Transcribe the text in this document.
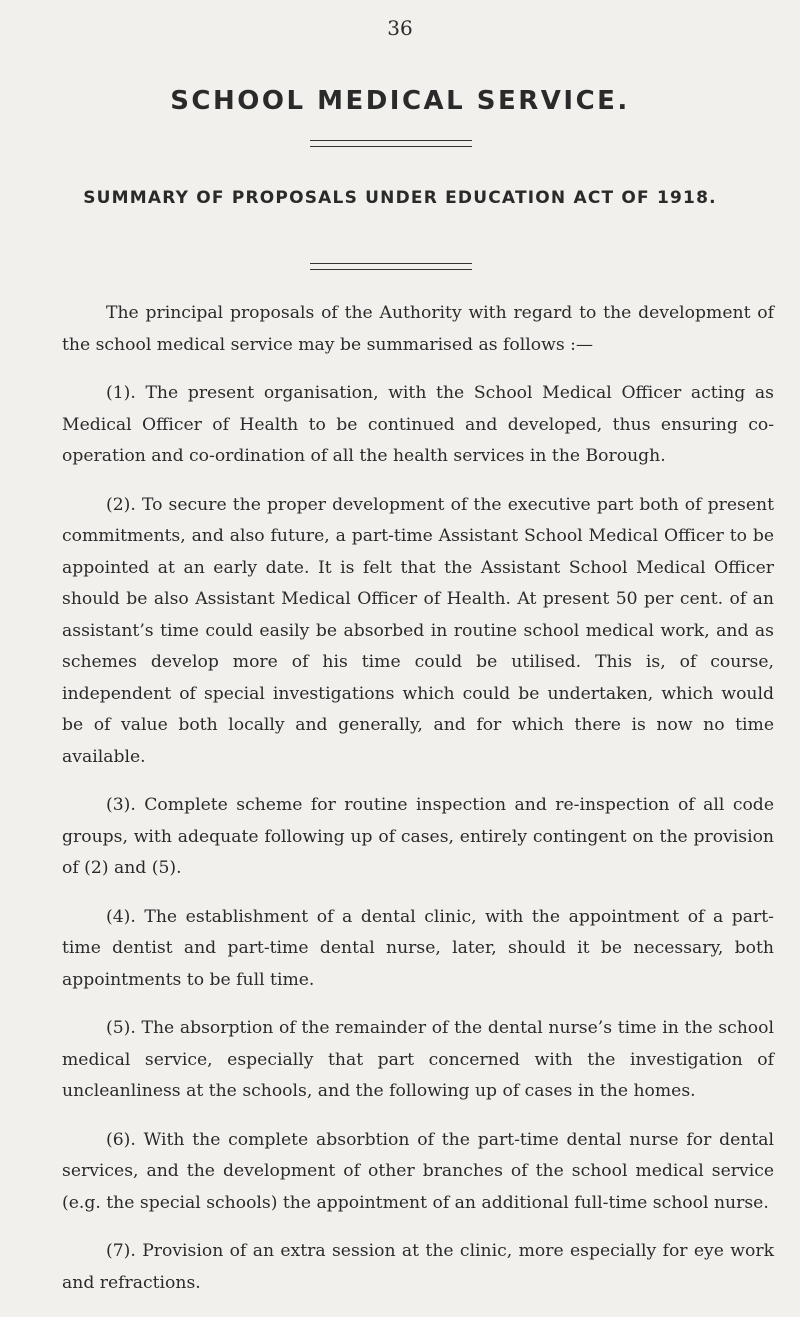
36
SCHOOL MEDICAL SERVICE.
SUMMARY OF PROPOSALS UNDER EDUCATION ACT OF 1918.

The principal proposals of the Authority with regard to the development of the school medical service may be summarised as follows :—

(1). The present organisation, with the School Medical Officer acting as Medical Officer of Health to be continued and developed, thus ensuring co-operation and co-ordination of all the health services in the Borough.

(2). To secure the proper development of the executive part both of present commitments, and also future, a part-time Assistant School Medical Officer to be appointed at an early date. It is felt that the Assistant School Medical Officer should be also Assistant Medical Officer of Health. At present 50 per cent. of an assistant’s time could easily be absorbed in routine school medical work, and as schemes develop more of his time could be utilised. This is, of course, independent of special investigations which could be undertaken, which would be of value both locally and generally, and for which there is now no time available.

(3). Complete scheme for routine inspection and re-inspection of all code groups, with adequate following up of cases, entirely contingent on the provision of (2) and (5).

(4). The establishment of a dental clinic, with the appointment of a part-time dentist and part-time dental nurse, later, should it be necessary, both appointments to be full time.

(5). The absorption of the remainder of the dental nurse’s time in the school medical service, especially that part concerned with the investigation of uncleanliness at the schools, and the following up of cases in the homes.

(6). With the complete absorbtion of the part-time dental nurse for dental services, and the development of other branches of the school medical service (e.g. the special schools) the appointment of an additional full-time school nurse.

(7). Provision of an extra session at the clinic, more especially for eye work and refractions.
